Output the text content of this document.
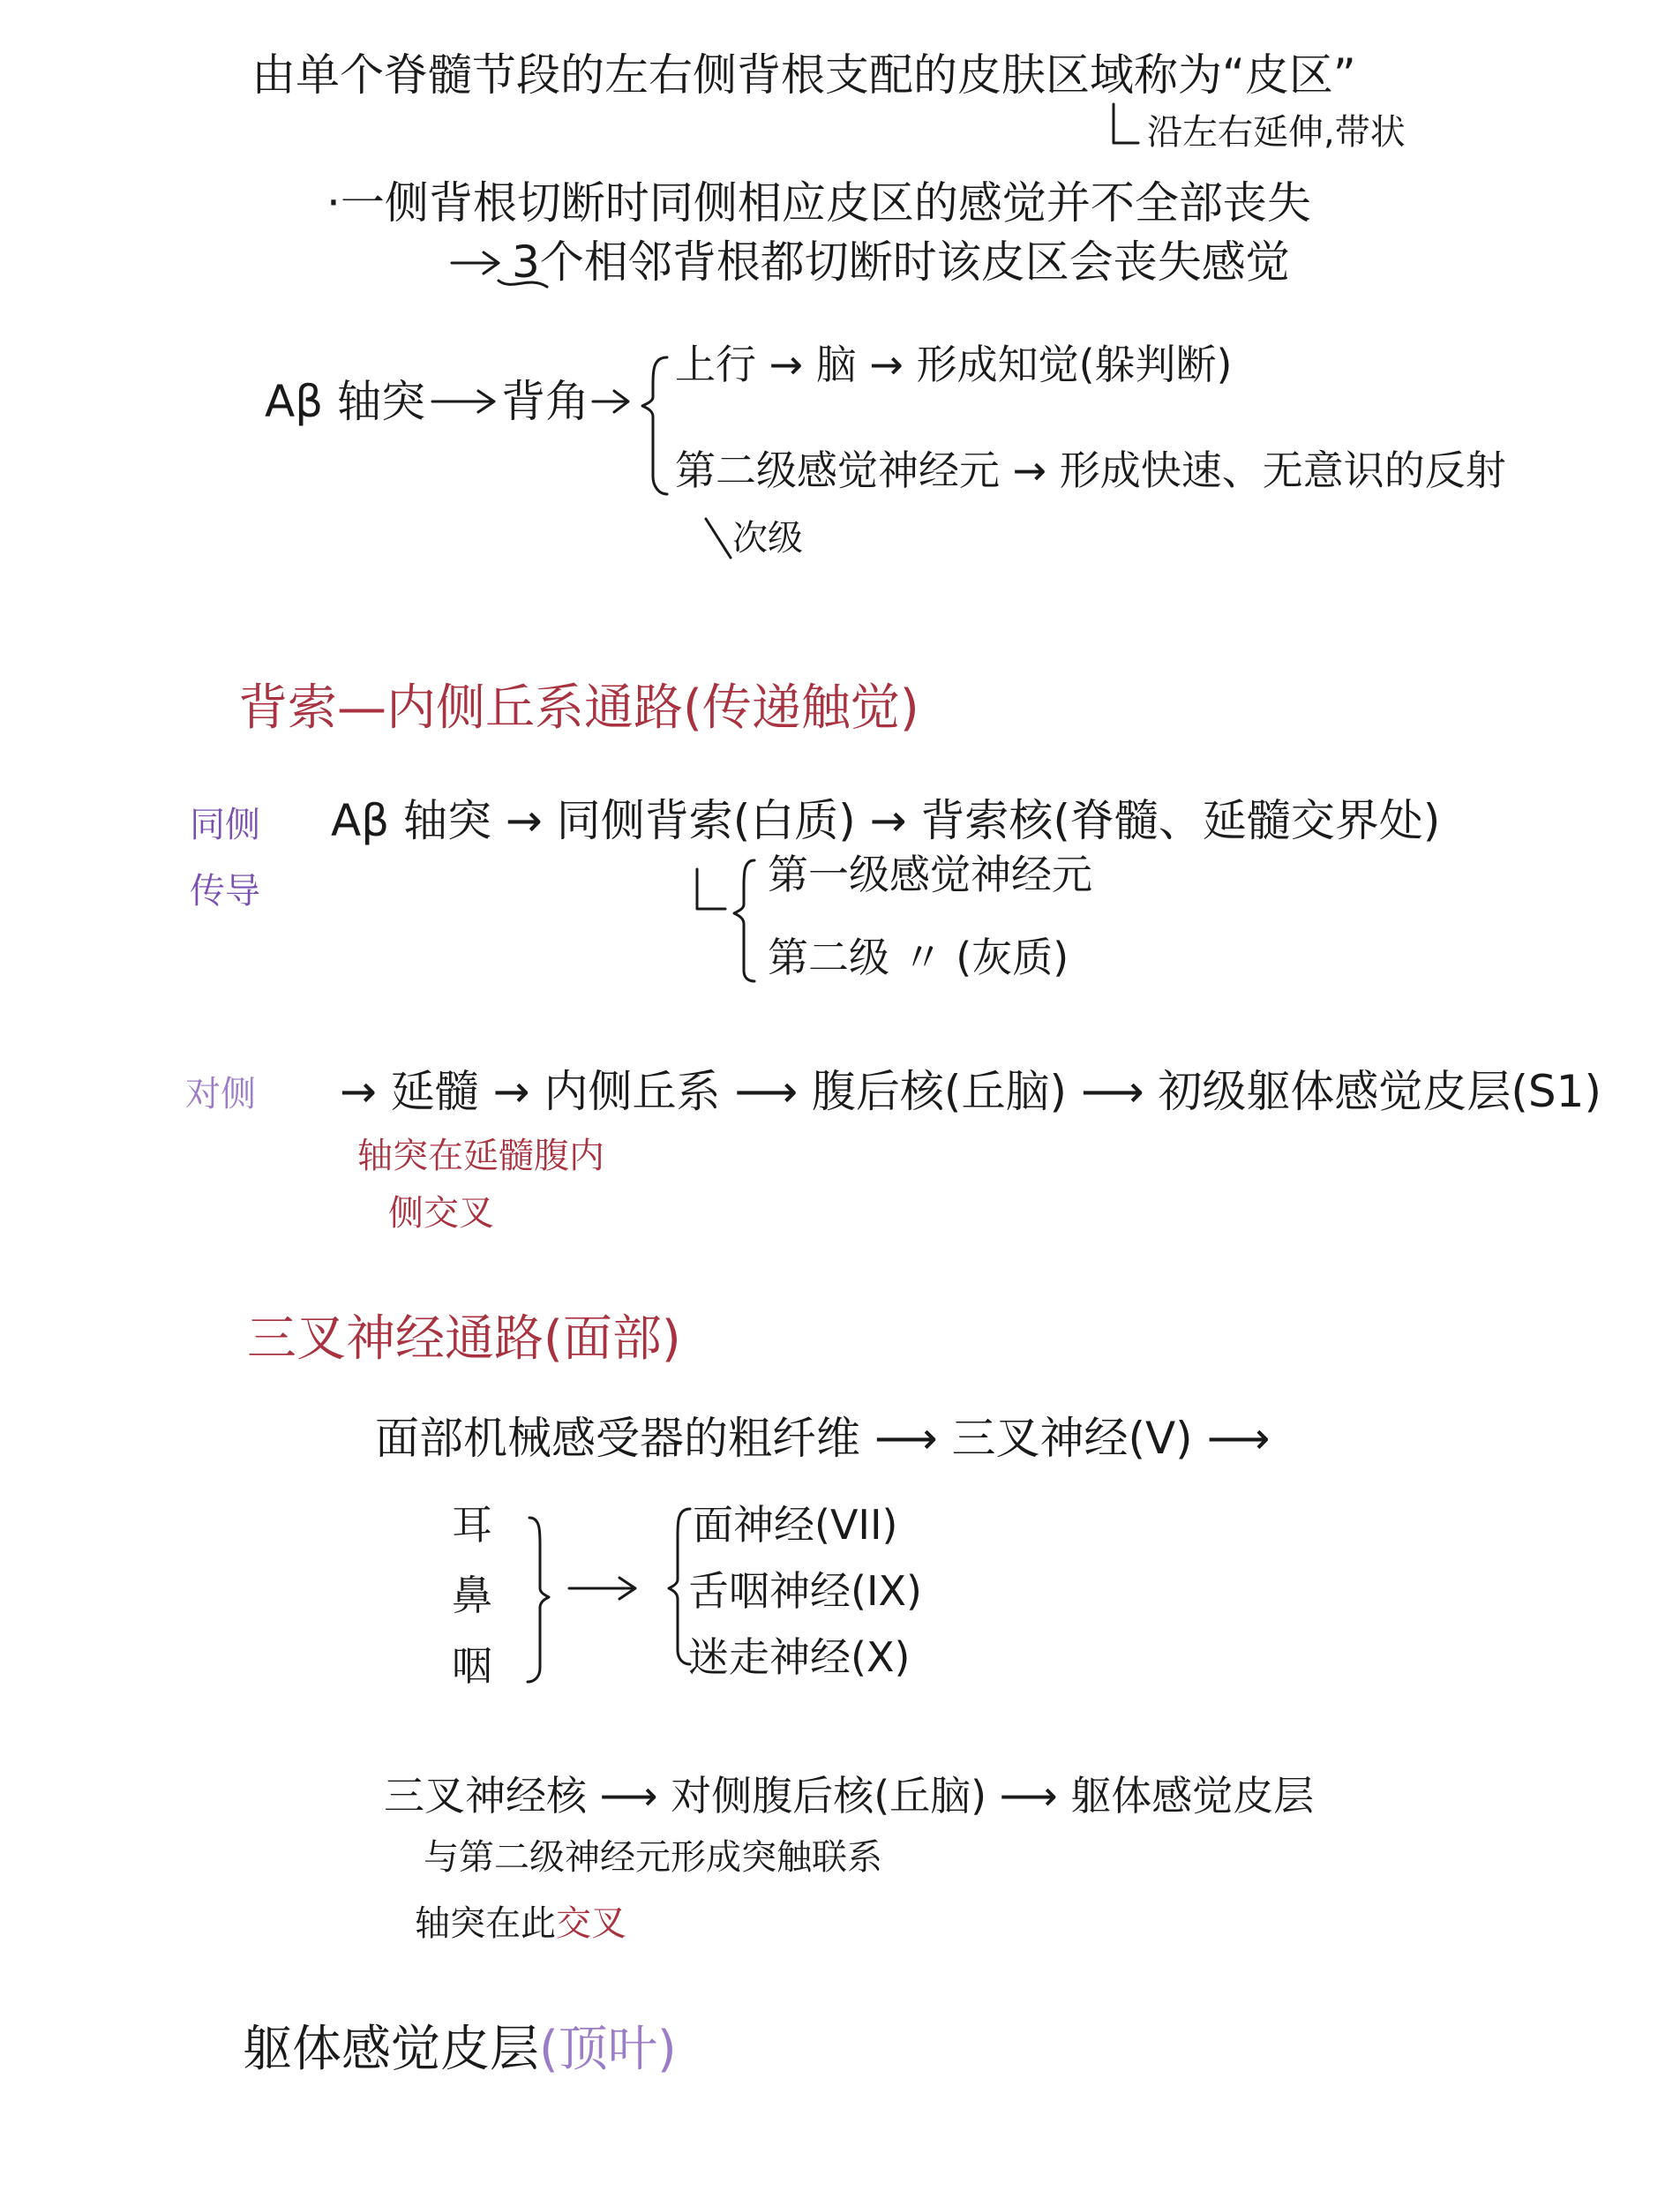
由单个脊髓节段的左右侧背根支配的皮肤区域称为“皮区”
沿左右延伸,带状
·一侧背根切断时同侧相应皮区的感觉并不全部丧失
3个相邻背根都切断时该皮区会丧失感觉
Aβ 轴突 背角
上行 → 脑 → 形成知觉(躲判断)
第二级感觉神经元 → 形成快速、无意识的反射
次级
背索—内侧丘系通路(传递触觉)
同侧
传导
Aβ 轴突 → 同侧背索(白质) → 背索核(脊髓、延髓交界处)
第一级感觉神经元
第二级 〃 (灰质)
对侧 → 延髓 → 内侧丘系 ⟶ 腹后核(丘脑) ⟶ 初级躯体感觉皮层(S1)
轴突在延髓腹内
侧交叉
三叉神经通路(面部)
面部机械感受器的粗纤维 ⟶ 三叉神经(V) ⟶
耳
鼻
咽
面神经(VII)
舌咽神经(IX)
迷走神经(X)
三叉神经核 ⟶ 对侧腹后核(丘脑) ⟶ 躯体感觉皮层
与第二级神经元形成突触联系
轴突在此交叉
躯体感觉皮层(顶叶)
